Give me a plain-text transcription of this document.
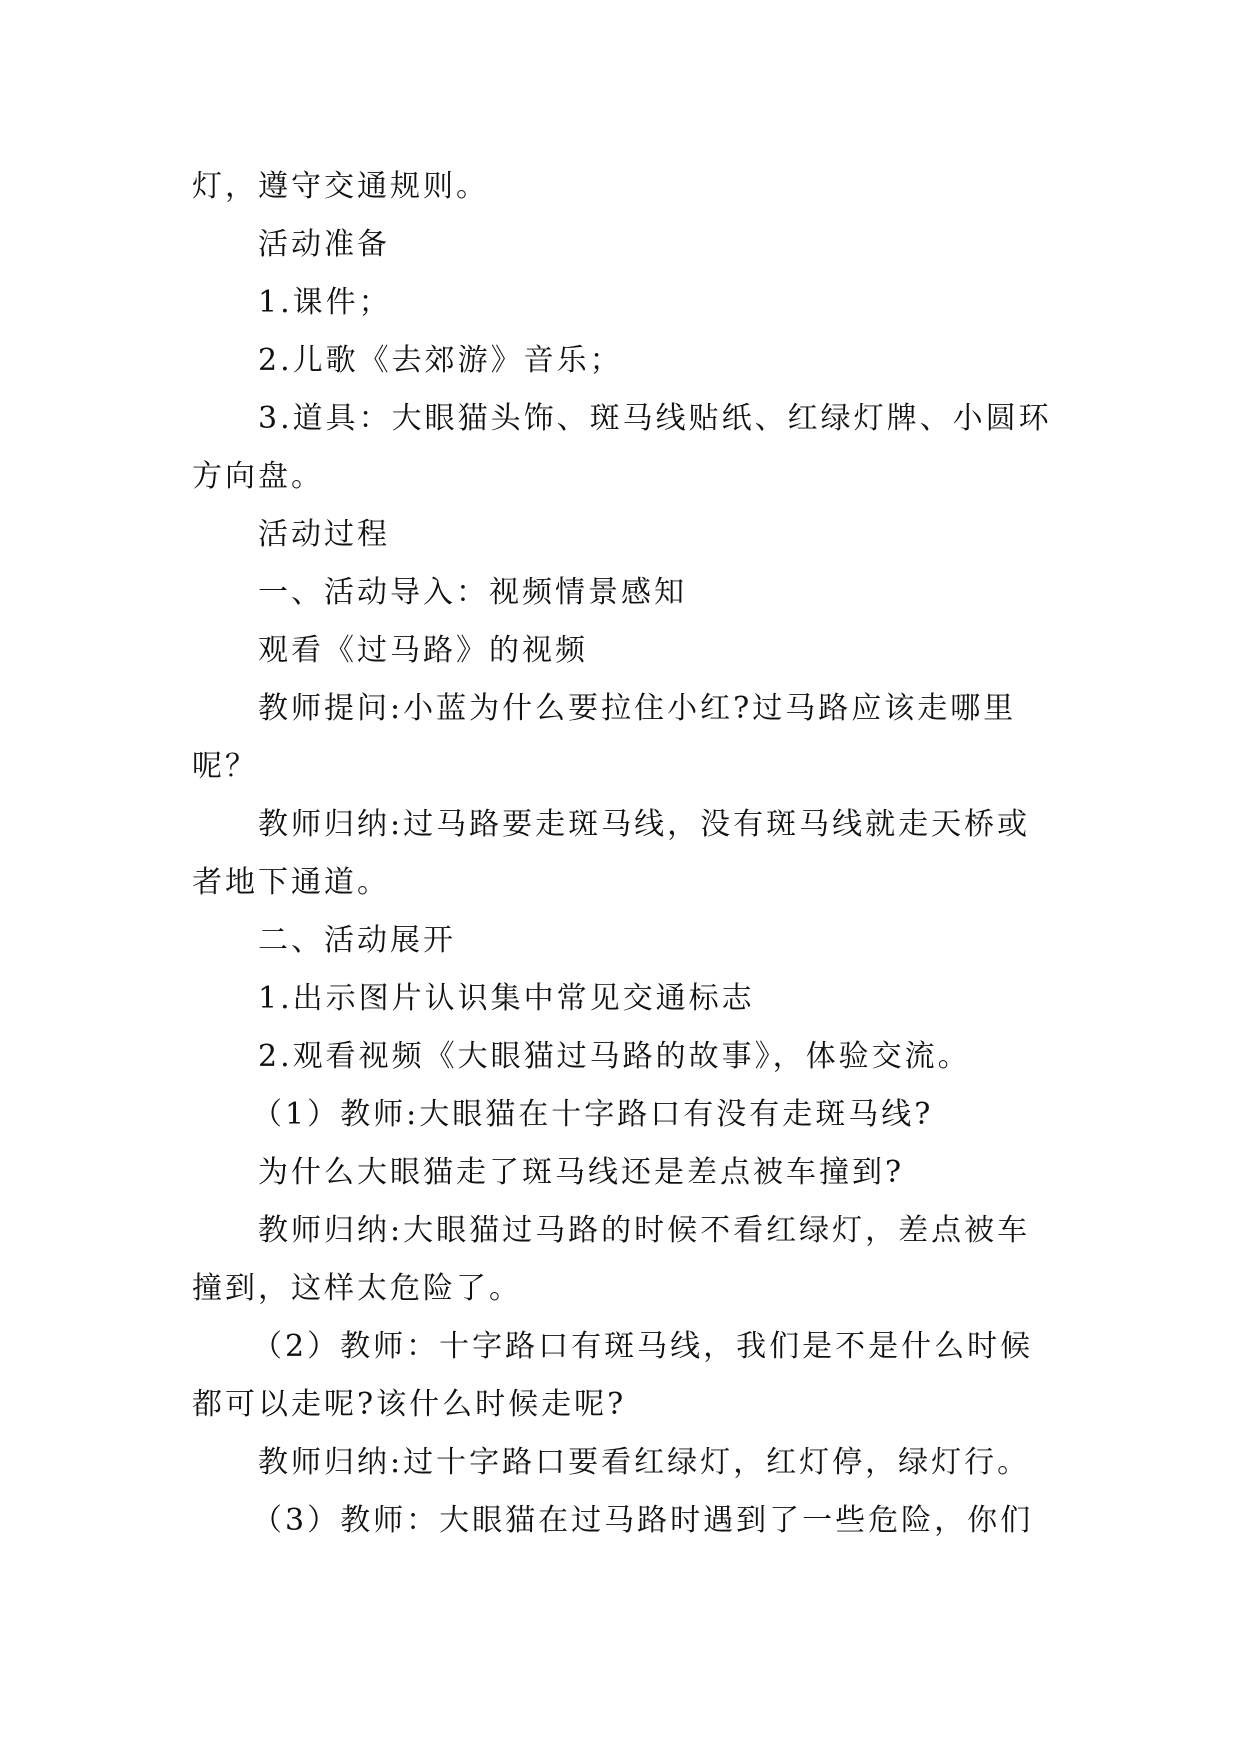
灯，遵守交通规则。
活动准备
1.课件；
2.儿歌《去郊游》音乐；
3.道具：大眼猫头饰、斑马线贴纸、红绿灯牌、小圆环
方向盘。
活动过程
一、活动导入：视频情景感知
观看《过马路》的视频
教师提问:小蓝为什么要拉住小红?过马路应该走哪里
呢？
教师归纳:过马路要走斑马线，没有斑马线就走天桥或
者地下通道。
二、活动展开
1.出示图片认识集中常见交通标志
2.观看视频《大眼猫过马路的故事》，体验交流。
（1）教师:大眼猫在十字路口有没有走斑马线?
为什么大眼猫走了斑马线还是差点被车撞到?
教师归纳:大眼猫过马路的时候不看红绿灯，差点被车
撞到，这样太危险了。
（2）教师：十字路口有斑马线，我们是不是什么时候
都可以走呢?该什么时候走呢?
教师归纳:过十字路口要看红绿灯，红灯停，绿灯行。
（3）教师：大眼猫在过马路时遇到了一些危险，你们
